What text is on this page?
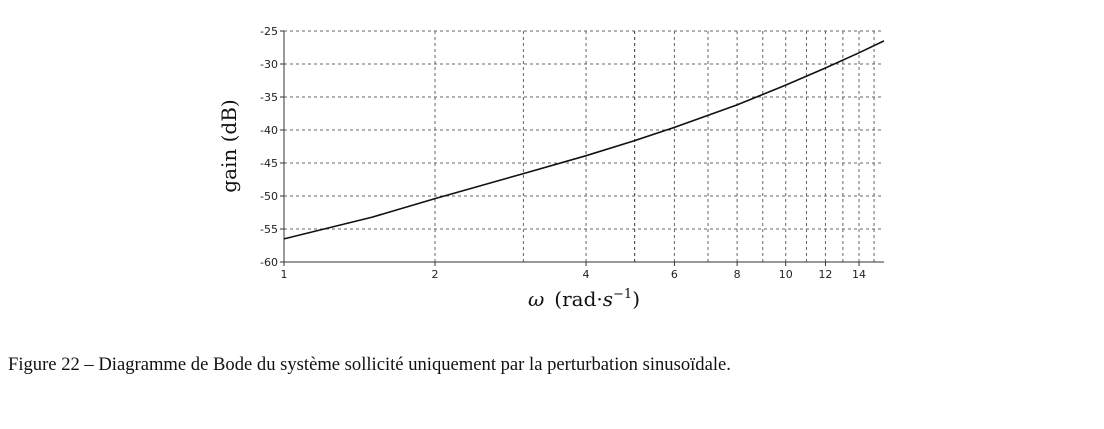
-60
-55
-50
-45
-40
-35
-30
-25
1	2	4	6	8	10 12 14
gain (dB)
ω $(rad\cdot s^{-1})$
Figure 22 – Diagramme de Bode du système sollicité uniquement par la perturbation sinusoïdale.
